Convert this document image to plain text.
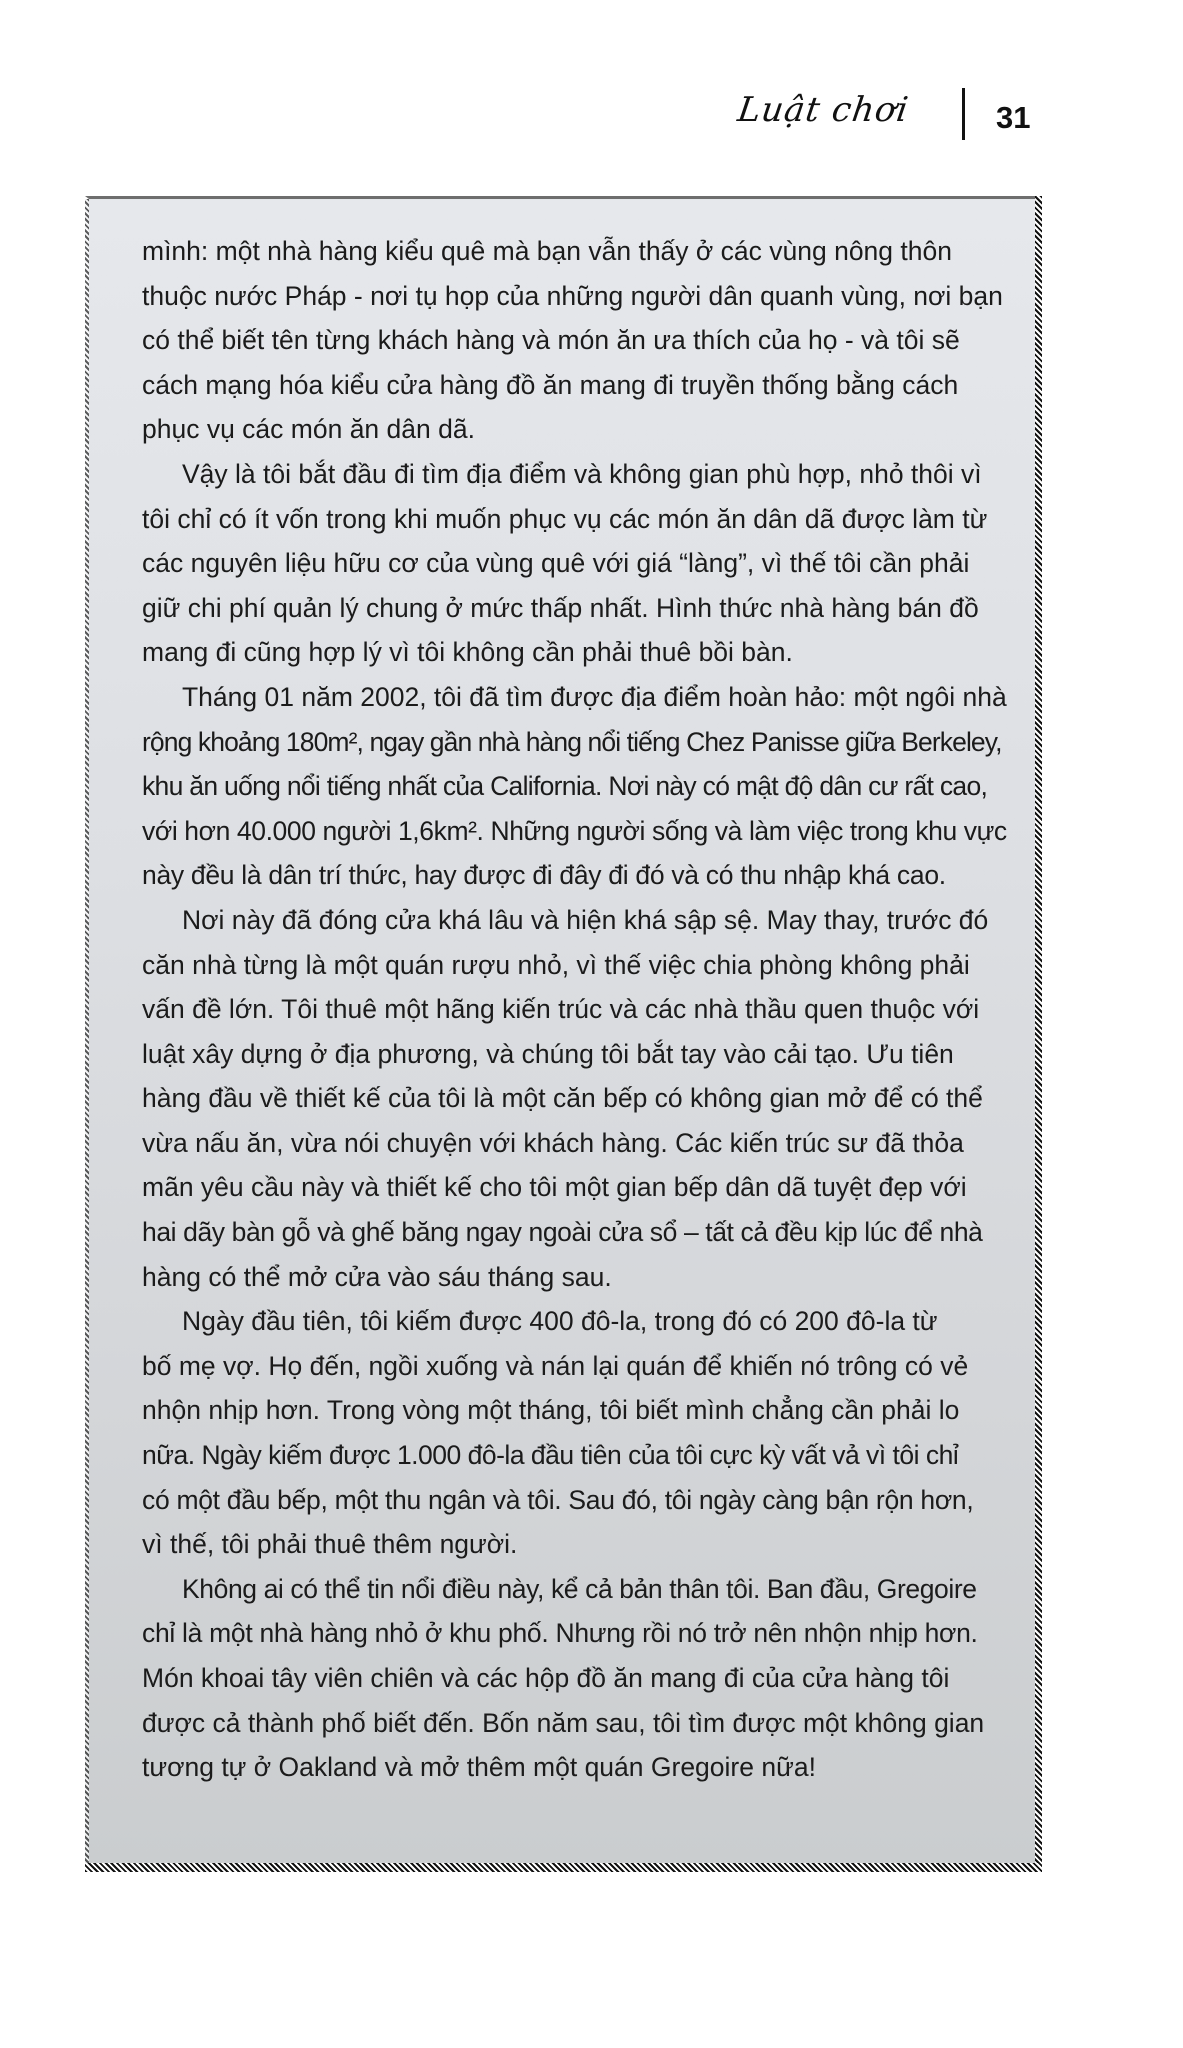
Luật chơi	31

mình: một nhà hàng kiểu quê mà bạn vẫn thấy ở các vùng nông thôn
thuộc nước Pháp - nơi tụ họp của những người dân quanh vùng, nơi bạn
có thể biết tên từng khách hàng và món ăn ưa thích của họ - và tôi sẽ
cách mạng hóa kiểu cửa hàng đồ ăn mang đi truyền thống bằng cách
phục vụ các món ăn dân dã.

Vậy là tôi bắt đầu đi tìm địa điểm và không gian phù hợp, nhỏ thôi vì
tôi chỉ có ít vốn trong khi muốn phục vụ các món ăn dân dã được làm từ
các nguyên liệu hữu cơ của vùng quê với giá “làng”, vì thế tôi cần phải
giữ chi phí quản lý chung ở mức thấp nhất. Hình thức nhà hàng bán đồ
mang đi cũng hợp lý vì tôi không cần phải thuê bồi bàn.

Tháng 01 năm 2002, tôi đã tìm được địa điểm hoàn hảo: một ngôi nhà
rộng khoảng 180m², ngay gần nhà hàng nổi tiếng Chez Panisse giữa Berkeley,
khu ăn uống nổi tiếng nhất của California. Nơi này có mật độ dân cư rất cao,
với hơn 40.000 người 1,6km². Những người sống và làm việc trong khu vực
này đều là dân trí thức, hay được đi đây đi đó và có thu nhập khá cao.

Nơi này đã đóng cửa khá lâu và hiện khá sập sệ. May thay, trước đó
căn nhà từng là một quán rượu nhỏ, vì thế việc chia phòng không phải
vấn đề lớn. Tôi thuê một hãng kiến trúc và các nhà thầu quen thuộc với
luật xây dựng ở địa phương, và chúng tôi bắt tay vào cải tạo. Ưu tiên
hàng đầu về thiết kế của tôi là một căn bếp có không gian mở để có thể
vừa nấu ăn, vừa nói chuyện với khách hàng. Các kiến trúc sư đã thỏa
mãn yêu cầu này và thiết kế cho tôi một gian bếp dân dã tuyệt đẹp với
hai dãy bàn gỗ và ghế băng ngay ngoài cửa sổ – tất cả đều kịp lúc để nhà
hàng có thể mở cửa vào sáu tháng sau.

Ngày đầu tiên, tôi kiếm được 400 đô-la, trong đó có 200 đô-la từ
bố mẹ vợ. Họ đến, ngồi xuống và nán lại quán để khiến nó trông có vẻ
nhộn nhịp hơn. Trong vòng một tháng, tôi biết mình chẳng cần phải lo
nữa. Ngày kiếm được 1.000 đô-la đầu tiên của tôi cực kỳ vất vả vì tôi chỉ
có một đầu bếp, một thu ngân và tôi. Sau đó, tôi ngày càng bận rộn hơn,
vì thế, tôi phải thuê thêm người.

Không ai có thể tin nổi điều này, kể cả bản thân tôi. Ban đầu, Gregoire
chỉ là một nhà hàng nhỏ ở khu phố. Nhưng rồi nó trở nên nhộn nhịp hơn.
Món khoai tây viên chiên và các hộp đồ ăn mang đi của cửa hàng tôi
được cả thành phố biết đến. Bốn năm sau, tôi tìm được một không gian
tương tự ở Oakland và mở thêm một quán Gregoire nữa!
